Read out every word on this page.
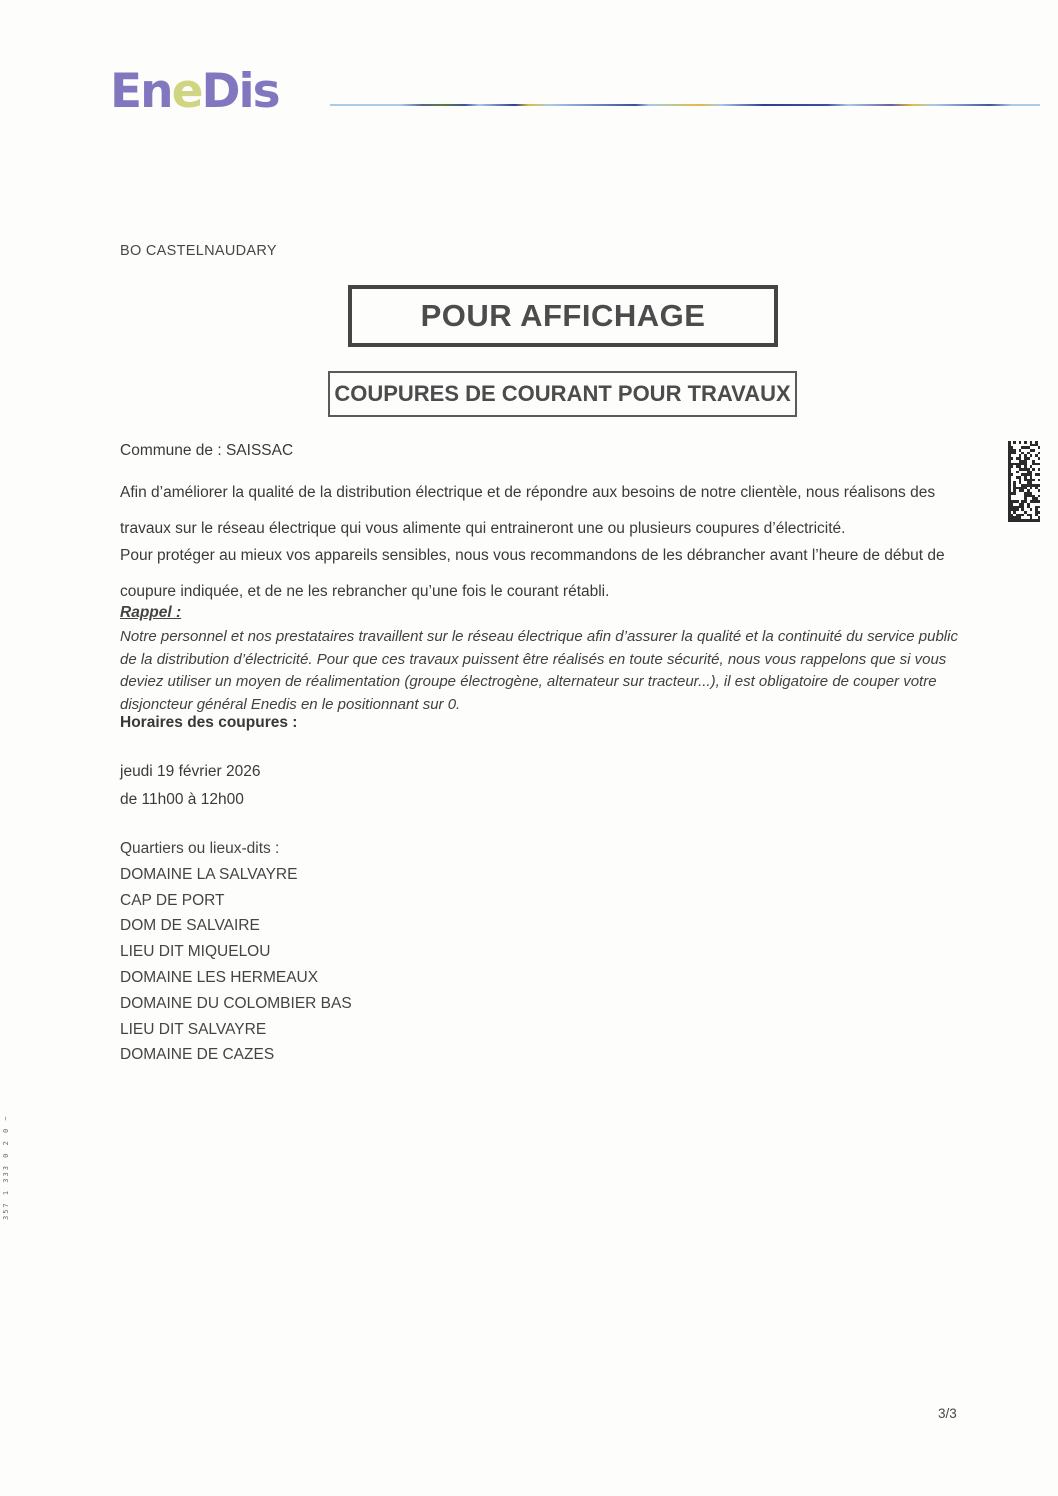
EneDis
BO CASTELNAUDARY
POUR AFFICHAGE
COUPURES DE COURANT POUR TRAVAUX
Commune de : SAISSAC
Afin d’améliorer la qualité de la distribution électrique et de répondre aux besoins de notre clientèle, nous réalisons des travaux sur le réseau électrique qui vous alimente qui entraineront une ou plusieurs coupures d’électricité.
Pour protéger au mieux vos appareils sensibles, nous vous recommandons de les débrancher avant l’heure de début de coupure indiquée, et de ne les rebrancher qu’une fois le courant rétabli.
Rappel :
Notre personnel et nos prestataires travaillent sur le réseau électrique afin d’assurer la qualité et la continuité du service public de la distribution d’électricité. Pour que ces travaux puissent être réalisés en toute sécurité, nous vous rappelons que si vous deviez utiliser un moyen de réalimentation (groupe électrogène, alternateur sur tracteur...), il est obligatoire de couper votre disjoncteur général Enedis en le positionnant sur 0.
Horaires des coupures :
jeudi 19 février 2026
de 11h00 à 12h00
Quartiers ou lieux-dits :
DOMAINE LA SALVAYRE
CAP DE PORT
DOM DE SALVAIRE
LIEU DIT MIQUELOU
DOMAINE LES HERMEAUX
DOMAINE DU COLOMBIER BAS
LIEU DIT SALVAYRE
DOMAINE DE CAZES
357 1 333 0 2 0 ~
3/3
